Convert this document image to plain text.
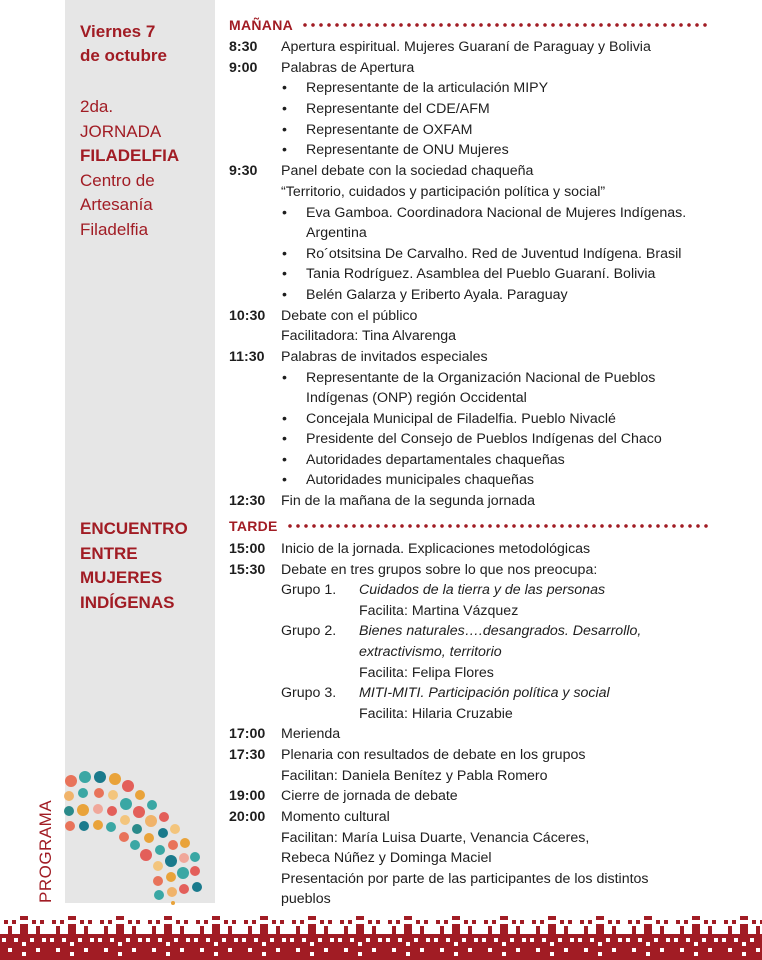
Viernes 7
de octubre
2da.
JORNADA
FILADELFIA
Centro de
Artesanía
Filadelfia
ENCUENTRO
ENTRE
MUJERES
INDÍGENAS
PROGRAMA
MAÑANA
8:30 Apertura espiritual. Mujeres Guaraní de Paraguay y Bolivia
9:00 Palabras de Apertura
• Representante de la articulación MIPY
• Representante del CDE/AFM
• Representante de OXFAM
• Representante de ONU Mujeres
9:30 Panel debate con la sociedad chaqueña
“Territorio, cuidados y participación política y social”
• Eva Gamboa. Coordinadora Nacional de Mujeres Indígenas.
Argentina
• Ro´otsitsina De Carvalho. Red de Juventud Indígena. Brasil
• Tania Rodríguez. Asamblea del Pueblo Guaraní. Bolivia
• Belén Galarza y Eriberto Ayala. Paraguay
10:30 Debate con el público
Facilitadora: Tina Alvarenga
11:30 Palabras de invitados especiales
• Representante de la Organización Nacional de Pueblos
Indígenas (ONP) región Occidental
• Concejala Municipal de Filadelfia. Pueblo Nivaclé
• Presidente del Consejo de Pueblos Indígenas del Chaco
• Autoridades departamentales chaqueñas
• Autoridades municipales chaqueñas
12:30 Fin de la mañana de la segunda jornada
TARDE
15:00 Inicio de la jornada. Explicaciones metodológicas
15:30 Debate en tres grupos sobre lo que nos preocupa:
Grupo 1. Cuidados de la tierra y de las personas
Facilita: Martina Vázquez
Grupo 2. Bienes naturales….desangrados. Desarrollo,
extractivismo, territorio
Facilita: Felipa Flores
Grupo 3. MITI-MITI. Participación política y social
Facilita: Hilaria Cruzabie
17:00 Merienda
17:30 Plenaria con resultados de debate en los grupos
Facilitan: Daniela Benítez y Pabla Romero
19:00 Cierre de jornada de debate
20:00 Momento cultural
Facilitan: María Luisa Duarte, Venancia Cáceres,
Rebeca Núñez y Dominga Maciel
Presentación por parte de las participantes de los distintos
pueblos
